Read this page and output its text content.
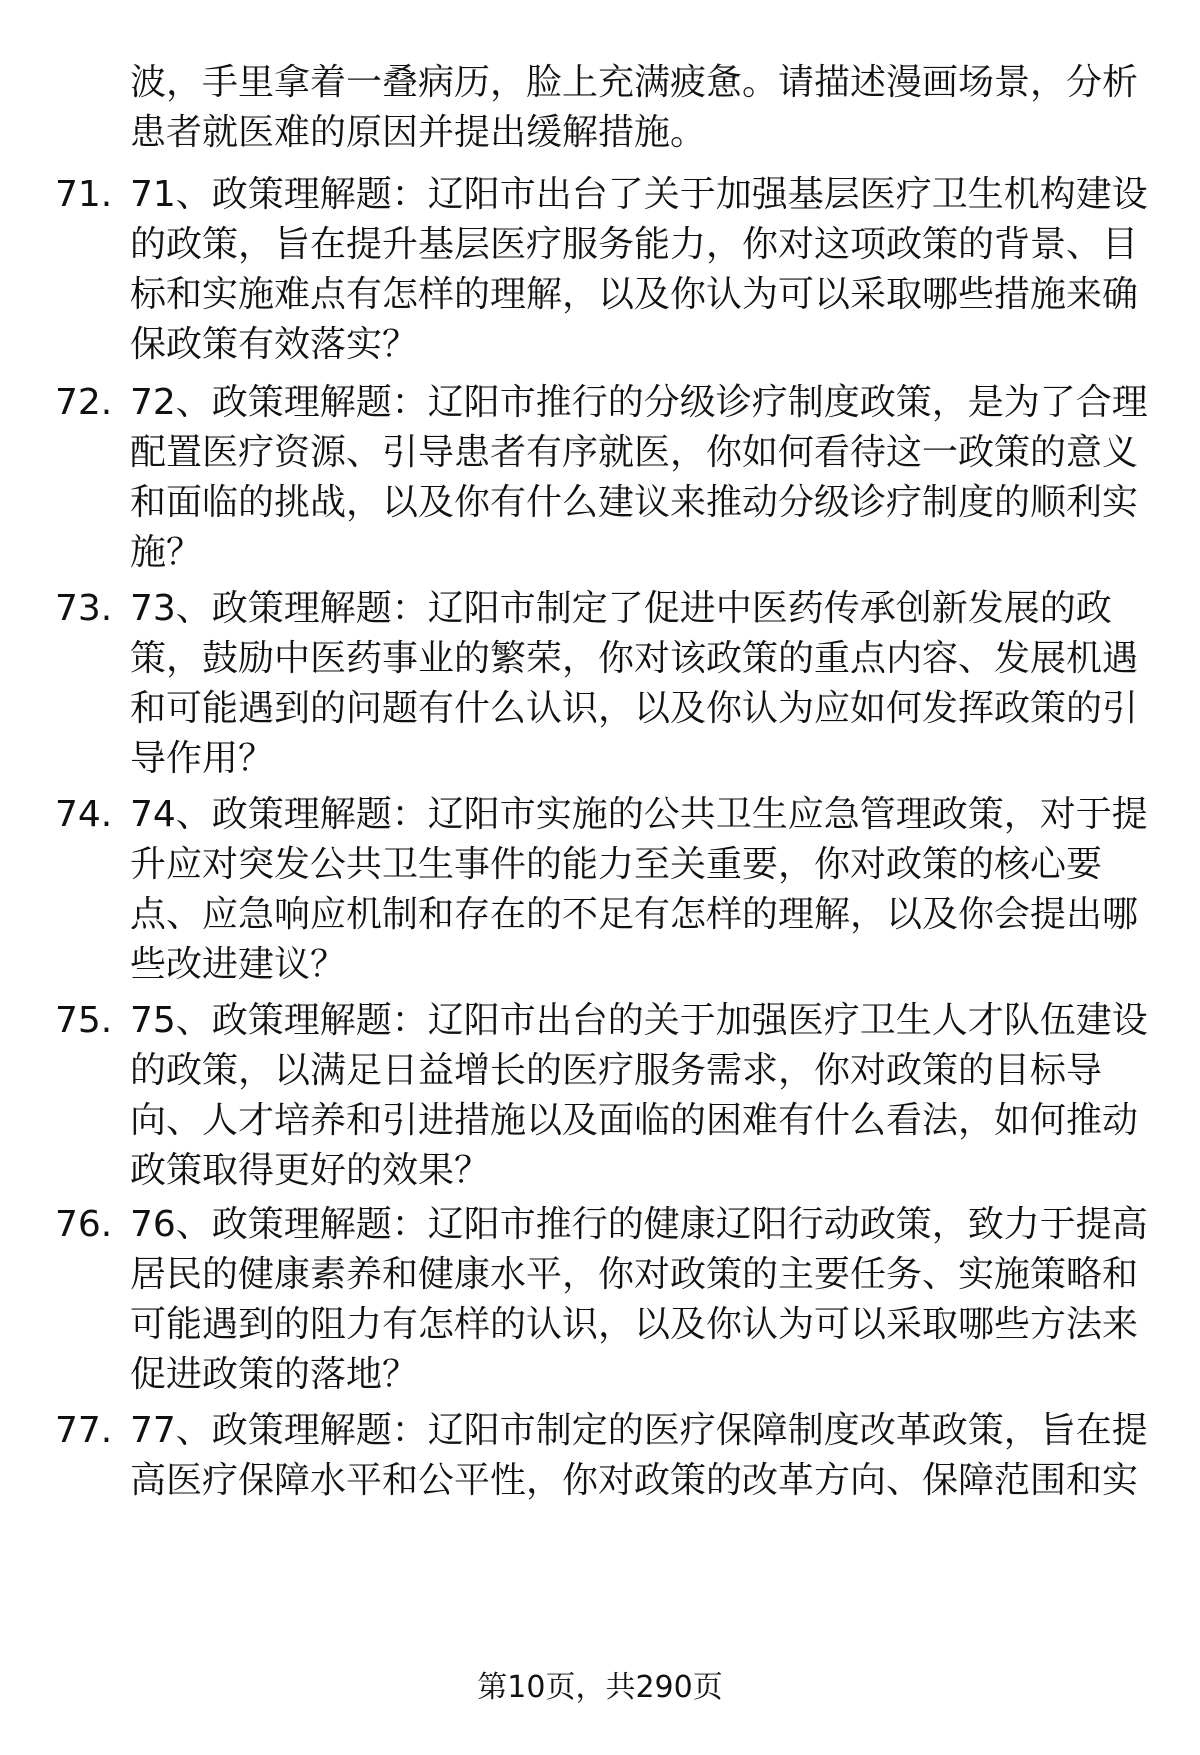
波，手里拿着一叠病历，脸上充满疲惫。请描述漫画场景，分析患者就医难的原因并提出缓解措施。
71. 71、政策理解题：辽阳市出台了关于加强基层医疗卫生机构建设的政策，旨在提升基层医疗服务能力，你对这项政策的背景、目标和实施难点有怎样的理解，以及你认为可以采取哪些措施来确保政策有效落实？
72. 72、政策理解题：辽阳市推行的分级诊疗制度政策，是为了合理配置医疗资源、引导患者有序就医，你如何看待这一政策的意义和面临的挑战，以及你有什么建议来推动分级诊疗制度的顺利实施？
73. 73、政策理解题：辽阳市制定了促进中医药传承创新发展的政策，鼓励中医药事业的繁荣，你对该政策的重点内容、发展机遇和可能遇到的问题有什么认识，以及你认为应如何发挥政策的引导作用？
74. 74、政策理解题：辽阳市实施的公共卫生应急管理政策，对于提升应对突发公共卫生事件的能力至关重要，你对政策的核心要点、应急响应机制和存在的不足有怎样的理解，以及你会提出哪些改进建议？
75. 75、政策理解题：辽阳市出台的关于加强医疗卫生人才队伍建设的政策，以满足日益增长的医疗服务需求，你对政策的目标导向、人才培养和引进措施以及面临的困难有什么看法，如何推动政策取得更好的效果？
76. 76、政策理解题：辽阳市推行的健康辽阳行动政策，致力于提高居民的健康素养和健康水平，你对政策的主要任务、实施策略和可能遇到的阻力有怎样的认识，以及你认为可以采取哪些方法来促进政策的落地？
77. 77、政策理解题：辽阳市制定的医疗保障制度改革政策，旨在提高医疗保障水平和公平性，你对政策的改革方向、保障范围和实
第10页，共290页
